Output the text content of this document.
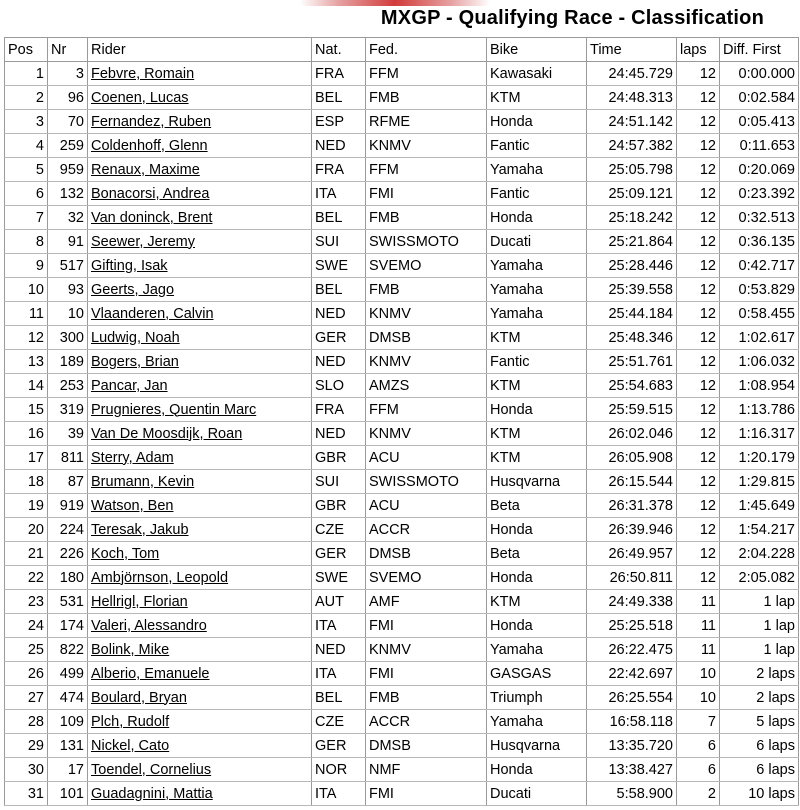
MXGP - Qualifying Race - Classification
Pos	Nr	Rider	Nat.	Fed.	Bike	Time	laps	Diff. First
1	3	Febvre, Romain	FRA	FFM	Kawasaki	24:45.729	12	0:00.000
2	96	Coenen, Lucas	BEL	FMB	KTM	24:48.313	12	0:02.584
3	70	Fernandez, Ruben	ESP	RFME	Honda	24:51.142	12	0:05.413
4	259	Coldenhoff, Glenn	NED	KNMV	Fantic	24:57.382	12	0:11.653
5	959	Renaux, Maxime	FRA	FFM	Yamaha	25:05.798	12	0:20.069
6	132	Bonacorsi, Andrea	ITA	FMI	Fantic	25:09.121	12	0:23.392
7	32	Van doninck, Brent	BEL	FMB	Honda	25:18.242	12	0:32.513
8	91	Seewer, Jeremy	SUI	SWISSMOTO	Ducati	25:21.864	12	0:36.135
9	517	Gifting, Isak	SWE	SVEMO	Yamaha	25:28.446	12	0:42.717
10	93	Geerts, Jago	BEL	FMB	Yamaha	25:39.558	12	0:53.829
11	10	Vlaanderen, Calvin	NED	KNMV	Yamaha	25:44.184	12	0:58.455
12	300	Ludwig, Noah	GER	DMSB	KTM	25:48.346	12	1:02.617
13	189	Bogers, Brian	NED	KNMV	Fantic	25:51.761	12	1:06.032
14	253	Pancar, Jan	SLO	AMZS	KTM	25:54.683	12	1:08.954
15	319	Prugnieres, Quentin Marc	FRA	FFM	Honda	25:59.515	12	1:13.786
16	39	Van De Moosdijk, Roan	NED	KNMV	KTM	26:02.046	12	1:16.317
17	811	Sterry, Adam	GBR	ACU	KTM	26:05.908	12	1:20.179
18	87	Brumann, Kevin	SUI	SWISSMOTO	Husqvarna	26:15.544	12	1:29.815
19	919	Watson, Ben	GBR	ACU	Beta	26:31.378	12	1:45.649
20	224	Teresak, Jakub	CZE	ACCR	Honda	26:39.946	12	1:54.217
21	226	Koch, Tom	GER	DMSB	Beta	26:49.957	12	2:04.228
22	180	Ambjörnson, Leopold	SWE	SVEMO	Honda	26:50.811	12	2:05.082
23	531	Hellrigl, Florian	AUT	AMF	KTM	24:49.338	11	1 lap
24	174	Valeri, Alessandro	ITA	FMI	Honda	25:25.518	11	1 lap
25	822	Bolink, Mike	NED	KNMV	Yamaha	26:22.475	11	1 lap
26	499	Alberio, Emanuele	ITA	FMI	GASGAS	22:42.697	10	2 laps
27	474	Boulard, Bryan	BEL	FMB	Triumph	26:25.554	10	2 laps
28	109	Plch, Rudolf	CZE	ACCR	Yamaha	16:58.118	7	5 laps
29	131	Nickel, Cato	GER	DMSB	Husqvarna	13:35.720	6	6 laps
30	17	Toendel, Cornelius	NOR	NMF	Honda	13:38.427	6	6 laps
31	101	Guadagnini, Mattia	ITA	FMI	Ducati	5:58.900	2	10 laps
